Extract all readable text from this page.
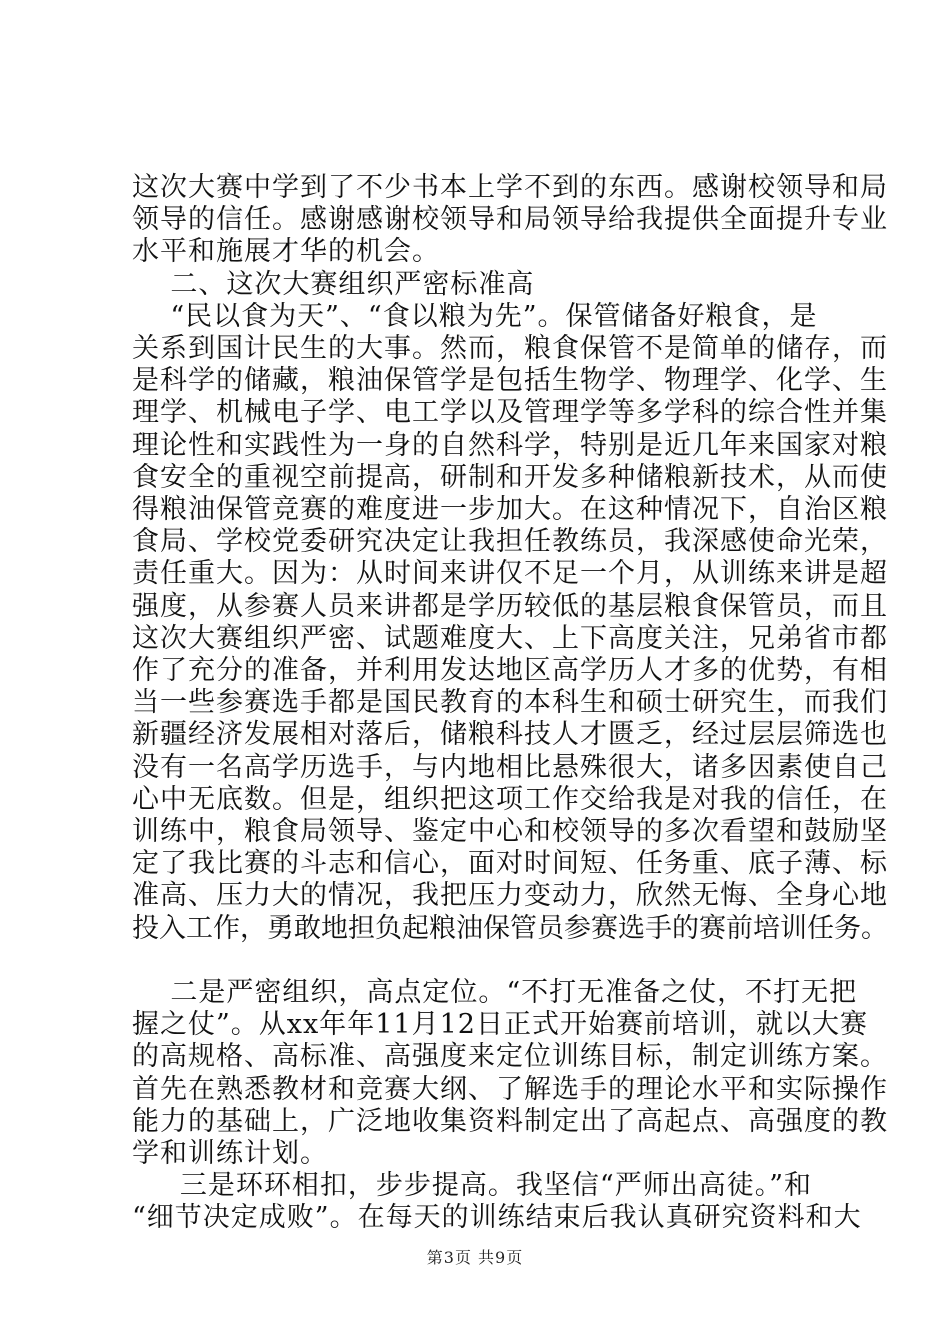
这次大赛中学到了不少书本上学不到的东西。感谢校领导和局
领导的信任。感谢感谢校领导和局领导给我提供全面提升专业
水平和施展才华的机会。
二、这次大赛组织严密标准高
“民以食为天”、“食以粮为先”。保管储备好粮食，是
关系到国计民生的大事。然而，粮食保管不是简单的储存，而
是科学的储藏，粮油保管学是包括生物学、物理学、化学、生
理学、机械电子学、电工学以及管理学等多学科的综合性并集
理论性和实践性为一身的自然科学，特别是近几年来国家对粮
食安全的重视空前提高，研制和开发多种储粮新技术，从而使
得粮油保管竞赛的难度进一步加大。在这种情况下，自治区粮
食局、学校党委研究决定让我担任教练员，我深感使命光荣，
责任重大。因为：从时间来讲仅不足一个月，从训练来讲是超
强度，从参赛人员来讲都是学历较低的基层粮食保管员，而且
这次大赛组织严密、试题难度大、上下高度关注，兄弟省市都
作了充分的准备，并利用发达地区高学历人才多的优势，有相
当一些参赛选手都是国民教育的本科生和硕士研究生，而我们
新疆经济发展相对落后，储粮科技人才匮乏，经过层层筛选也
没有一名高学历选手，与内地相比悬殊很大，诸多因素使自己
心中无底数。但是，组织把这项工作交给我是对我的信任，在
训练中，粮食局领导、鉴定中心和校领导的多次看望和鼓励坚
定了我比赛的斗志和信心，面对时间短、任务重、底子薄、标
准高、压力大的情况，我把压力变动力，欣然无悔、全身心地
投入工作，勇敢地担负起粮油保管员参赛选手的赛前培训任务。
二是严密组织，高点定位。“不打无准备之仗，不打无把
握之仗”。从xx年年11月12日正式开始赛前培训，就以大赛
的高规格、高标准、高强度来定位训练目标，制定训练方案。
首先在熟悉教材和竞赛大纲、了解选手的理论水平和实际操作
能力的基础上，广泛地收集资料制定出了高起点、高强度的教
学和训练计划。
三是环环相扣，步步提高。我坚信“严师出高徒。”和
“细节决定成败”。在每天的训练结束后我认真研究资料和大
第3页 共9页
